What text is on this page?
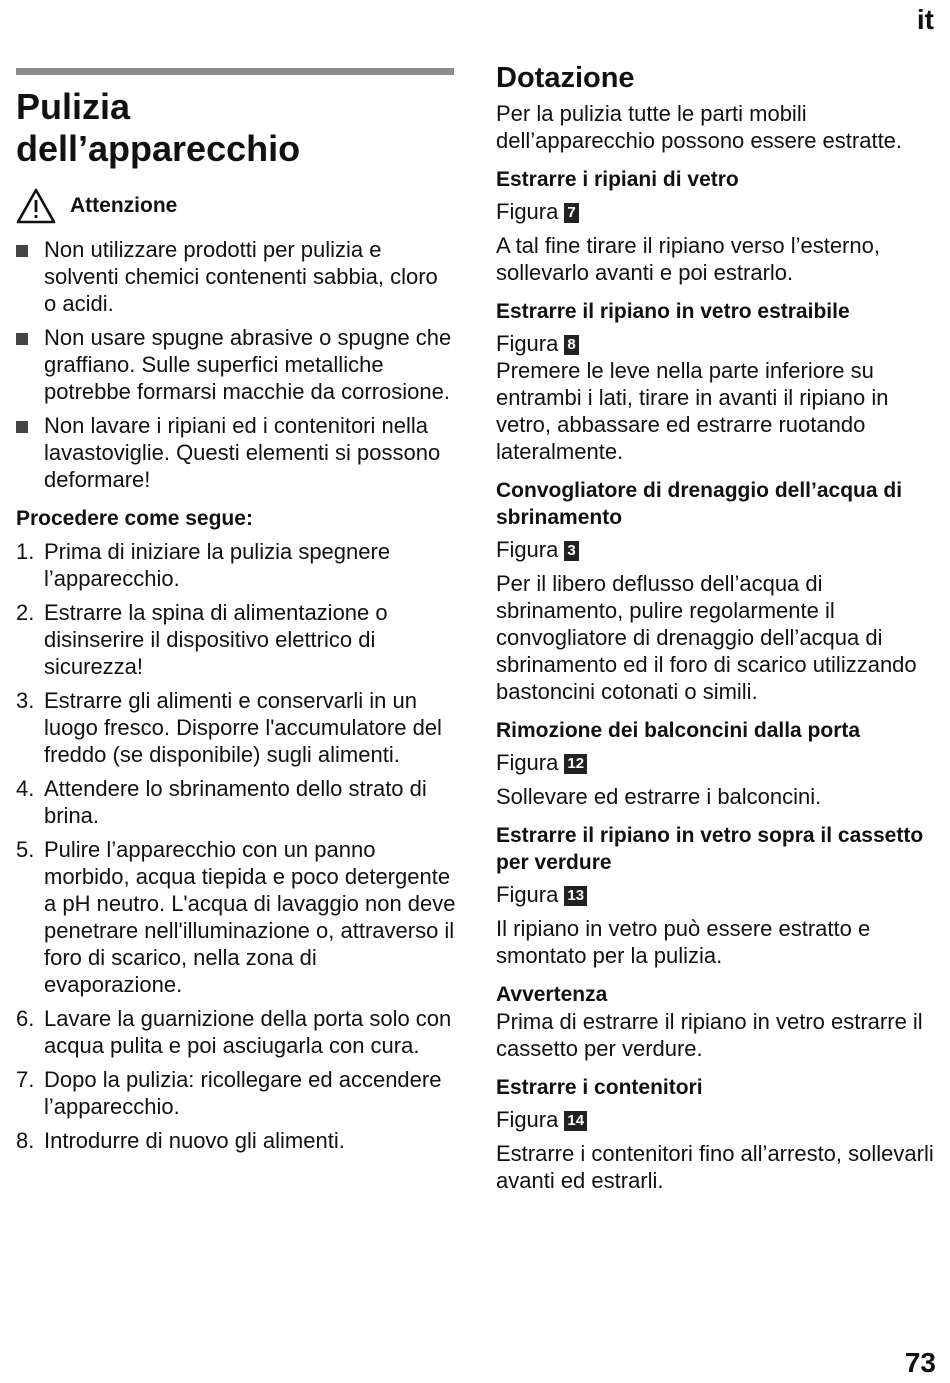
it
Pulizia
dell’apparecchio
Attenzione
Non utilizzare prodotti per pulizia e solventi chemici contenenti sabbia, cloro o acidi.
Non usare spugne abrasive o spugne che graffiano. Sulle superfici metalliche potrebbe formarsi macchie da corrosione.
Non lavare i ripiani ed i contenitori nella lavastoviglie. Questi elementi si possono deformare!
Procedere come segue:
1. Prima di iniziare la pulizia spegnere l’apparecchio.
2. Estrarre la spina di alimentazione o disinserire il dispositivo elettrico di sicurezza!
3. Estrarre gli alimenti e conservarli in un luogo fresco. Disporre l'accumulatore del freddo (se disponibile) sugli alimenti.
4. Attendere lo sbrinamento dello strato di brina.
5. Pulire l’apparecchio con un panno morbido, acqua tiepida e poco detergente a pH neutro. L'acqua di lavaggio non deve penetrare nell'illuminazione o, attraverso il foro di scarico, nella zona di evaporazione.
6. Lavare la guarnizione della porta solo con acqua pulita e poi asciugarla con cura.
7. Dopo la pulizia: ricollegare ed accendere l’apparecchio.
8. Introdurre di nuovo gli alimenti.
Dotazione

Per la pulizia tutte le parti mobili dell’apparecchio possono essere estratte.

Estrarre i ripiani di vetro
Figura 7

A tal fine tirare il ripiano verso l’esterno, sollevarlo avanti e poi estrarlo.

Estrarre il ripiano in vetro estraibile
Figura 8

Premere le leve nella parte inferiore su entrambi i lati, tirare in avanti il ripiano in vetro, abbassare ed estrarre ruotando lateralmente.

Convogliatore di drenaggio dell’acqua di sbrinamento
Figura 3

Per il libero deflusso dell’acqua di sbrinamento, pulire regolarmente il convogliatore di drenaggio dell’acqua di sbrinamento ed il foro di scarico utilizzando bastoncini cotonati o simili.

Rimozione dei balconcini dalla porta
Figura 12

Sollevare ed estrarre i balconcini.

Estrarre il ripiano in vetro sopra il cassetto per verdure
Figura 13

Il ripiano in vetro può essere estratto e smontato per la pulizia.

Avvertenza

Prima di estrarre il ripiano in vetro estrarre il cassetto per verdure.

Estrarre i contenitori
Figura 14

Estrarre i contenitori fino all’arresto, sollevarli avanti ed estrarli.

73
